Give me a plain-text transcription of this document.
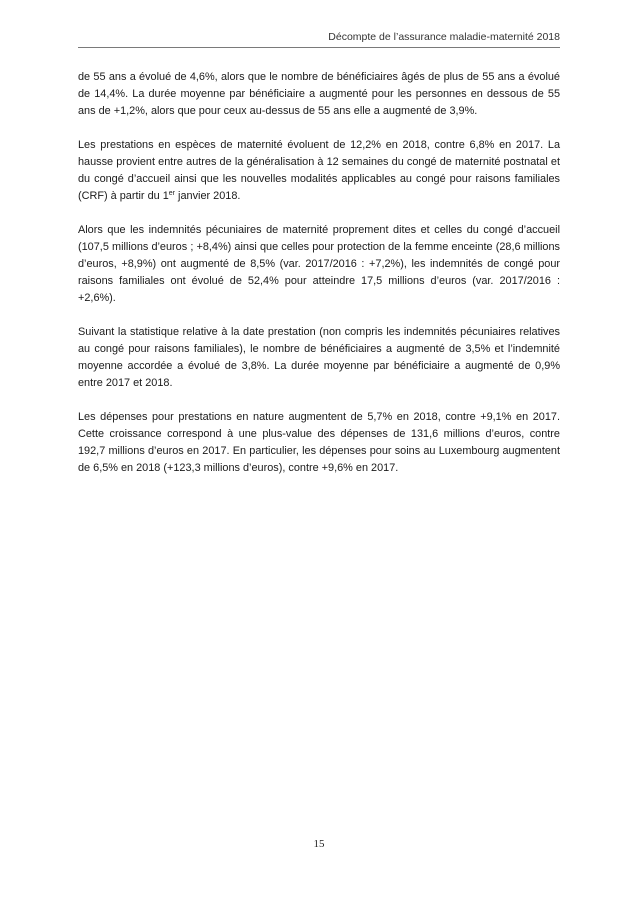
Décompte de l’assurance maladie-maternité 2018

de 55 ans a évolué de 4,6%, alors que le nombre de bénéficiaires âgés de plus de 55 ans a évolué de 14,4%. La durée moyenne par bénéficiaire a augmenté pour les personnes en dessous de 55 ans de +1,2%, alors que pour ceux au-dessus de 55 ans elle a augmenté de 3,9%.

Les prestations en espèces de maternité évoluent de 12,2% en 2018, contre 6,8% en 2017. La hausse provient entre autres de la généralisation à 12 semaines du congé de maternité postnatal et du congé d’accueil ainsi que les nouvelles modalités applicables au congé pour raisons familiales (CRF) à partir du 1er janvier 2018.

Alors que les indemnités pécuniaires de maternité proprement dites et celles du congé d’accueil (107,5 millions d’euros ; +8,4%) ainsi que celles pour protection de la femme enceinte (28,6 millions d’euros, +8,9%) ont augmenté de 8,5% (var. 2017/2016 : +7,2%), les indemnités de congé pour raisons familiales ont évolué de 52,4% pour atteindre 17,5 millions d’euros (var. 2017/2016 : +2,6%).

Suivant la statistique relative à la date prestation (non compris les indemnités pécuniaires relatives au congé pour raisons familiales), le nombre de bénéficiaires a augmenté de 3,5% et l’indemnité moyenne accordée a évolué de 3,8%. La durée moyenne par bénéficiaire a augmenté de 0,9% entre 2017 et 2018.

Les dépenses pour prestations en nature augmentent de 5,7% en 2018, contre +9,1% en 2017. Cette croissance correspond à une plus-value des dépenses de 131,6 millions d’euros, contre 192,7 millions d’euros en 2017. En particulier, les dépenses pour soins au Luxembourg augmentent de 6,5% en 2018 (+123,3 millions d’euros), contre +9,6% en 2017.

15
